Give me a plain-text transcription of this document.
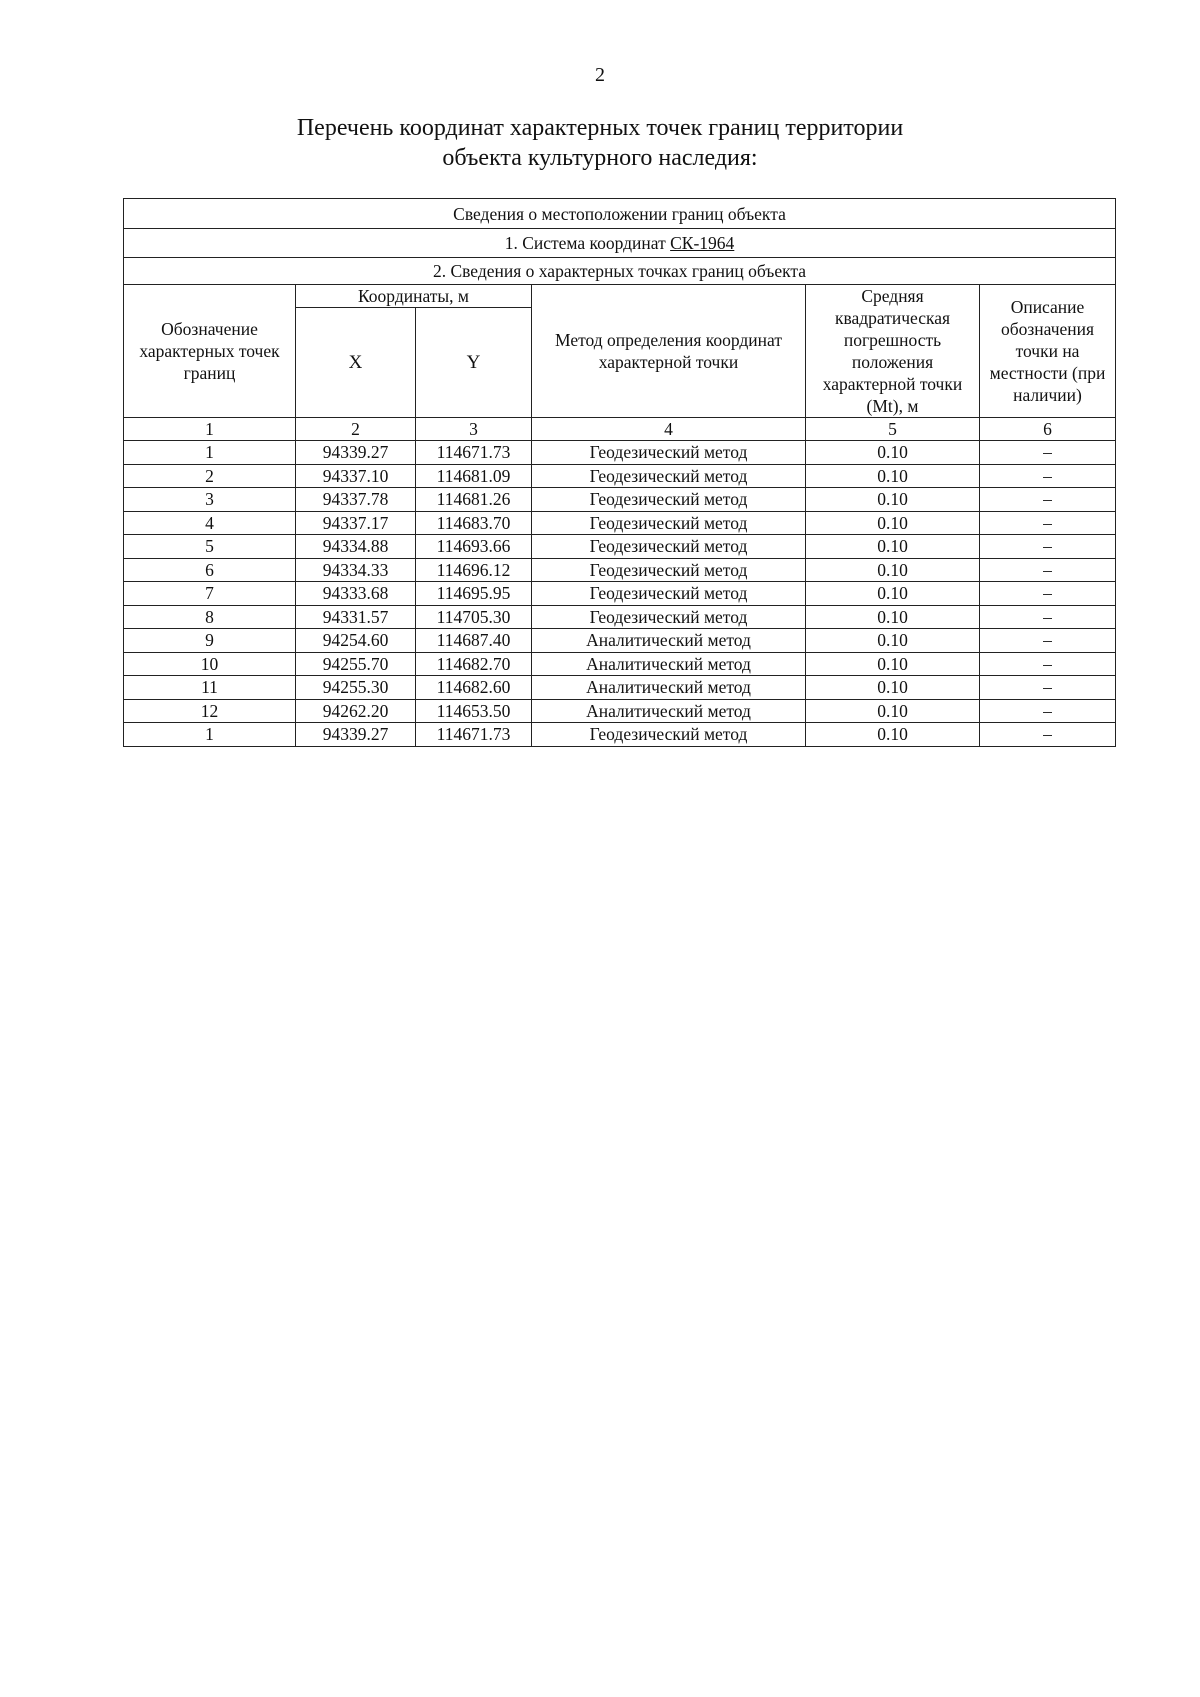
2
Перечень координат характерных точек границ территории
объекта культурного наследия:
Сведения о местоположении границ объекта					
1. Система координат СК-1964					
2. Сведения о характерных точках границ объекта					
Обозначение характерных точек границ	Координаты, м		Метод определения координат характерной точки	Средняя квадратическая погрешность положения характерной точки (Mt), м	Описание обозначения точки на местности (при наличии)
	X	Y			
1	2	3	4	5	6
1	94339.27	114671.73	Геодезический метод	0.10	–
2	94337.10	114681.09	Геодезический метод	0.10	–
3	94337.78	114681.26	Геодезический метод	0.10	–
4	94337.17	114683.70	Геодезический метод	0.10	–
5	94334.88	114693.66	Геодезический метод	0.10	–
6	94334.33	114696.12	Геодезический метод	0.10	–
7	94333.68	114695.95	Геодезический метод	0.10	–
8	94331.57	114705.30	Геодезический метод	0.10	–
9	94254.60	114687.40	Аналитический метод	0.10	–
10	94255.70	114682.70	Аналитический метод	0.10	–
11	94255.30	114682.60	Аналитический метод	0.10	–
12	94262.20	114653.50	Аналитический метод	0.10	–
1	94339.27	114671.73	Геодезический метод	0.10	–
